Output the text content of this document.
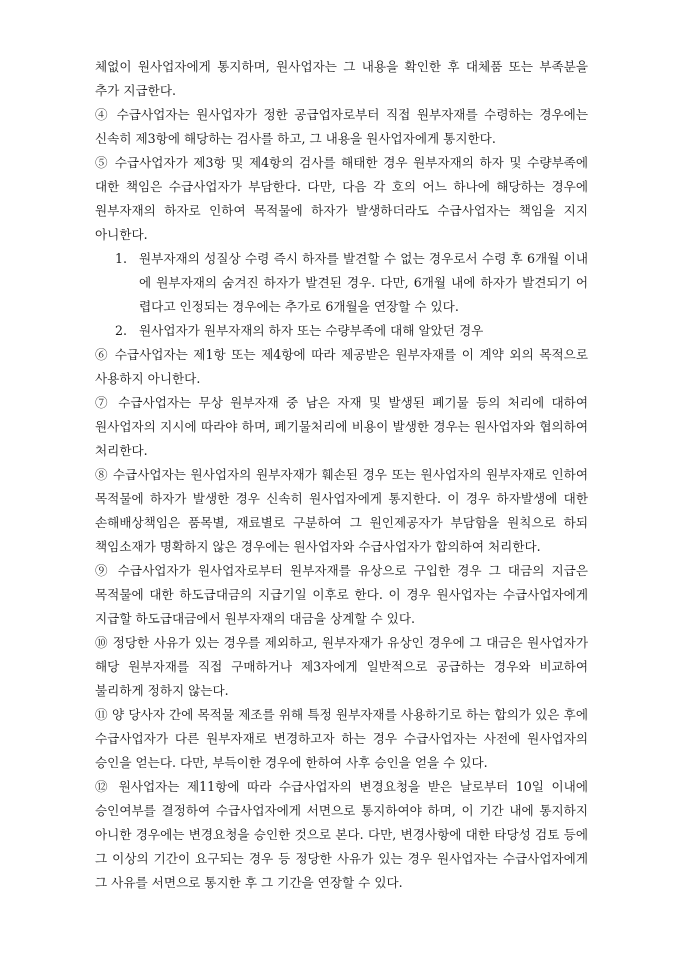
체없이 원사업자에게 통지하며, 원사업자는 그 내용을 확인한 후 대체품 또는 부족분을 추가 지급한다.

④ 수급사업자는 원사업자가 정한 공급업자로부터 직접 원부자재를 수령하는 경우에는 신속히 제3항에 해당하는 검사를 하고, 그 내용을 원사업자에게 통지한다.

⑤ 수급사업자가 제3항 및 제4항의 검사를 해태한 경우 원부자재의 하자 및 수량부족에 대한 책임은 수급사업자가 부담한다. 다만, 다음 각 호의 어느 하나에 해당하는 경우에 원부자재의 하자로 인하여 목적물에 하자가 발생하더라도 수급사업자는 책임을 지지 아니한다.

1. 원부자재의 성질상 수령 즉시 하자를 발견할 수 없는 경우로서 수령 후 6개월 이내에 원부자재의 숨겨진 하자가 발견된 경우. 다만, 6개월 내에 하자가 발견되기 어렵다고 인정되는 경우에는 추가로 6개월을 연장할 수 있다.
2. 원사업자가 원부자재의 하자 또는 수량부족에 대해 알았던 경우

⑥ 수급사업자는 제1항 또는 제4항에 따라 제공받은 원부자재를 이 계약 외의 목적으로 사용하지 아니한다.

⑦ 수급사업자는 무상 원부자재 중 남은 자재 및 발생된 폐기물 등의 처리에 대하여 원사업자의 지시에 따라야 하며, 폐기물처리에 비용이 발생한 경우는 원사업자와 협의하여 처리한다.

⑧ 수급사업자는 원사업자의 원부자재가 훼손된 경우 또는 원사업자의 원부자재로 인하여 목적물에 하자가 발생한 경우 신속히 원사업자에게 통지한다. 이 경우 하자발생에 대한 손해배상책임은 품목별, 재료별로 구분하여 그 원인제공자가 부담함을 원칙으로 하되 책임소재가 명확하지 않은 경우에는 원사업자와 수급사업자가 합의하여 처리한다.

⑨ 수급사업자가 원사업자로부터 원부자재를 유상으로 구입한 경우 그 대금의 지급은 목적물에 대한 하도급대금의 지급기일 이후로 한다. 이 경우 원사업자는 수급사업자에게 지급할 하도급대금에서 원부자재의 대금을 상계할 수 있다.

⑩ 정당한 사유가 있는 경우를 제외하고, 원부자재가 유상인 경우에 그 대금은 원사업자가 해당 원부자재를 직접 구매하거나 제3자에게 일반적으로 공급하는 경우와 비교하여 불리하게 정하지 않는다.

⑪ 양 당사자 간에 목적물 제조를 위해 특정 원부자재를 사용하기로 하는 합의가 있은 후에 수급사업자가 다른 원부자재로 변경하고자 하는 경우 수급사업자는 사전에 원사업자의 승인을 얻는다. 다만, 부득이한 경우에 한하여 사후 승인을 얻을 수 있다.

⑫ 원사업자는 제11항에 따라 수급사업자의 변경요청을 받은 날로부터 10일 이내에 승인여부를 결정하여 수급사업자에게 서면으로 통지하여야 하며, 이 기간 내에 통지하지 아니한 경우에는 변경요청을 승인한 것으로 본다. 다만, 변경사항에 대한 타당성 검토 등에 그 이상의 기간이 요구되는 경우 등 정당한 사유가 있는 경우 원사업자는 수급사업자에게 그 사유를 서면으로 통지한 후 그 기간을 연장할 수 있다.
